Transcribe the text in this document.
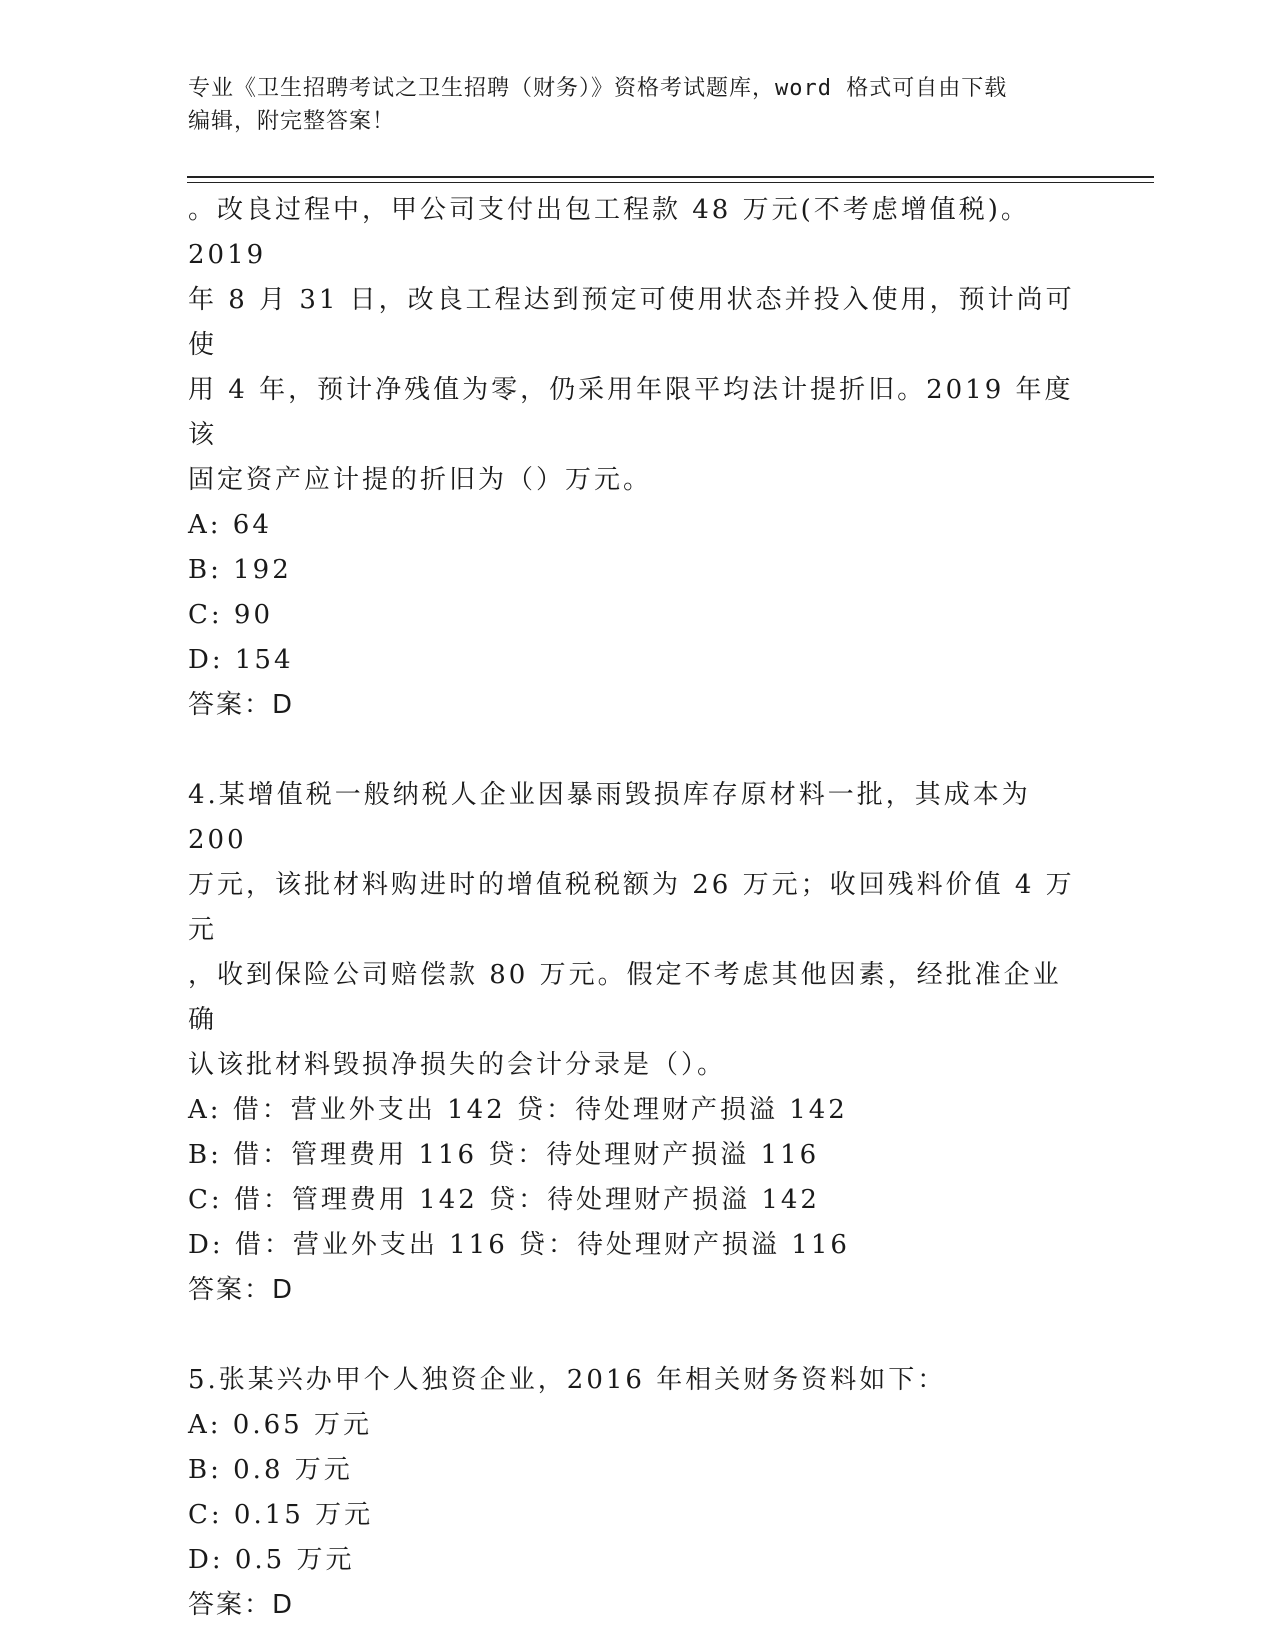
专业《卫生招聘考试之卫生招聘（财务）》资格考试题库，word 格式可自由下载
编辑，附完整答案！

。改良过程中，甲公司支付出包工程款 48 万元(不考虑增值税)。2019

年 8 月 31 日，改良工程达到预定可使用状态并投入使用，预计尚可使

用 4 年，预计净残值为零，仍采用年限平均法计提折旧。2019 年度该

固定资产应计提的折旧为（）万元。

A: 64

B: 192

C: 90

D: 154

答案：D

4.某增值税一般纳税人企业因暴雨毁损库存原材料一批，其成本为 200

万元，该批材料购进时的增值税税额为 26 万元；收回残料价值 4 万元

，收到保险公司赔偿款 80 万元。假定不考虑其他因素，经批准企业确

认该批材料毁损净损失的会计分录是（）。

A: 借：营业外支出 142 贷：待处理财产损溢 142

B: 借：管理费用 116 贷：待处理财产损溢 116

C: 借：管理费用 142 贷：待处理财产损溢 142

D: 借：营业外支出 116 贷：待处理财产损溢 116

答案：D

5.张某兴办甲个人独资企业，2016 年相关财务资料如下：

A: 0.65 万元

B: 0.8 万元

C: 0.15 万元

D: 0.5 万元

答案：D
